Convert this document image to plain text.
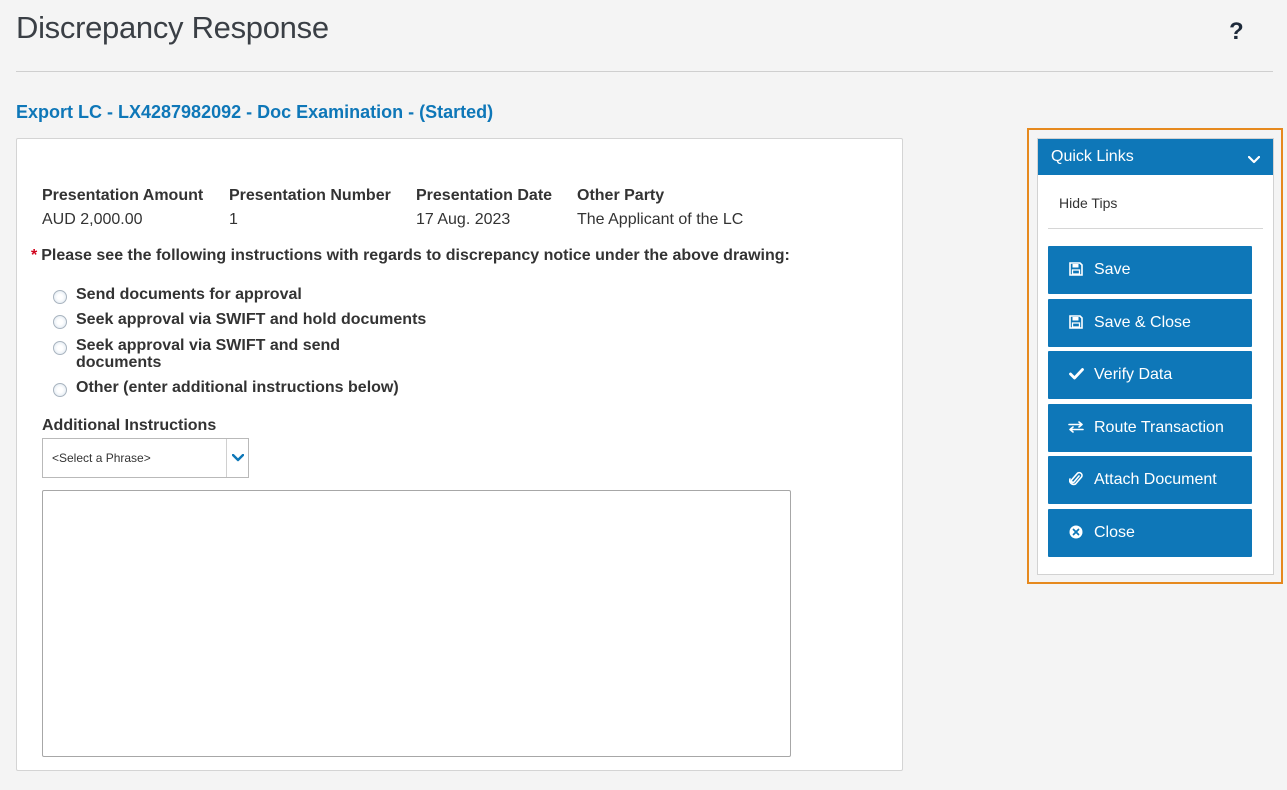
Discrepancy Response	?
Export LC - LX4287982092 - Doc Examination - (Started)
Presentation Amount
AUD 2,000.00
Presentation Number
1
Presentation Date
17 Aug. 2023
Other Party
The Applicant of the LC
* Please see the following instructions with regards to discrepancy notice under the above drawing:
Send documents for approval
Seek approval via SWIFT and hold documents
Seek approval via SWIFT and send documents
Other (enter additional instructions below)
Additional Instructions
<Select a Phrase>
Quick Links
Hide Tips
Save
Save & Close
Verify Data
Route Transaction
Attach Document
Close
